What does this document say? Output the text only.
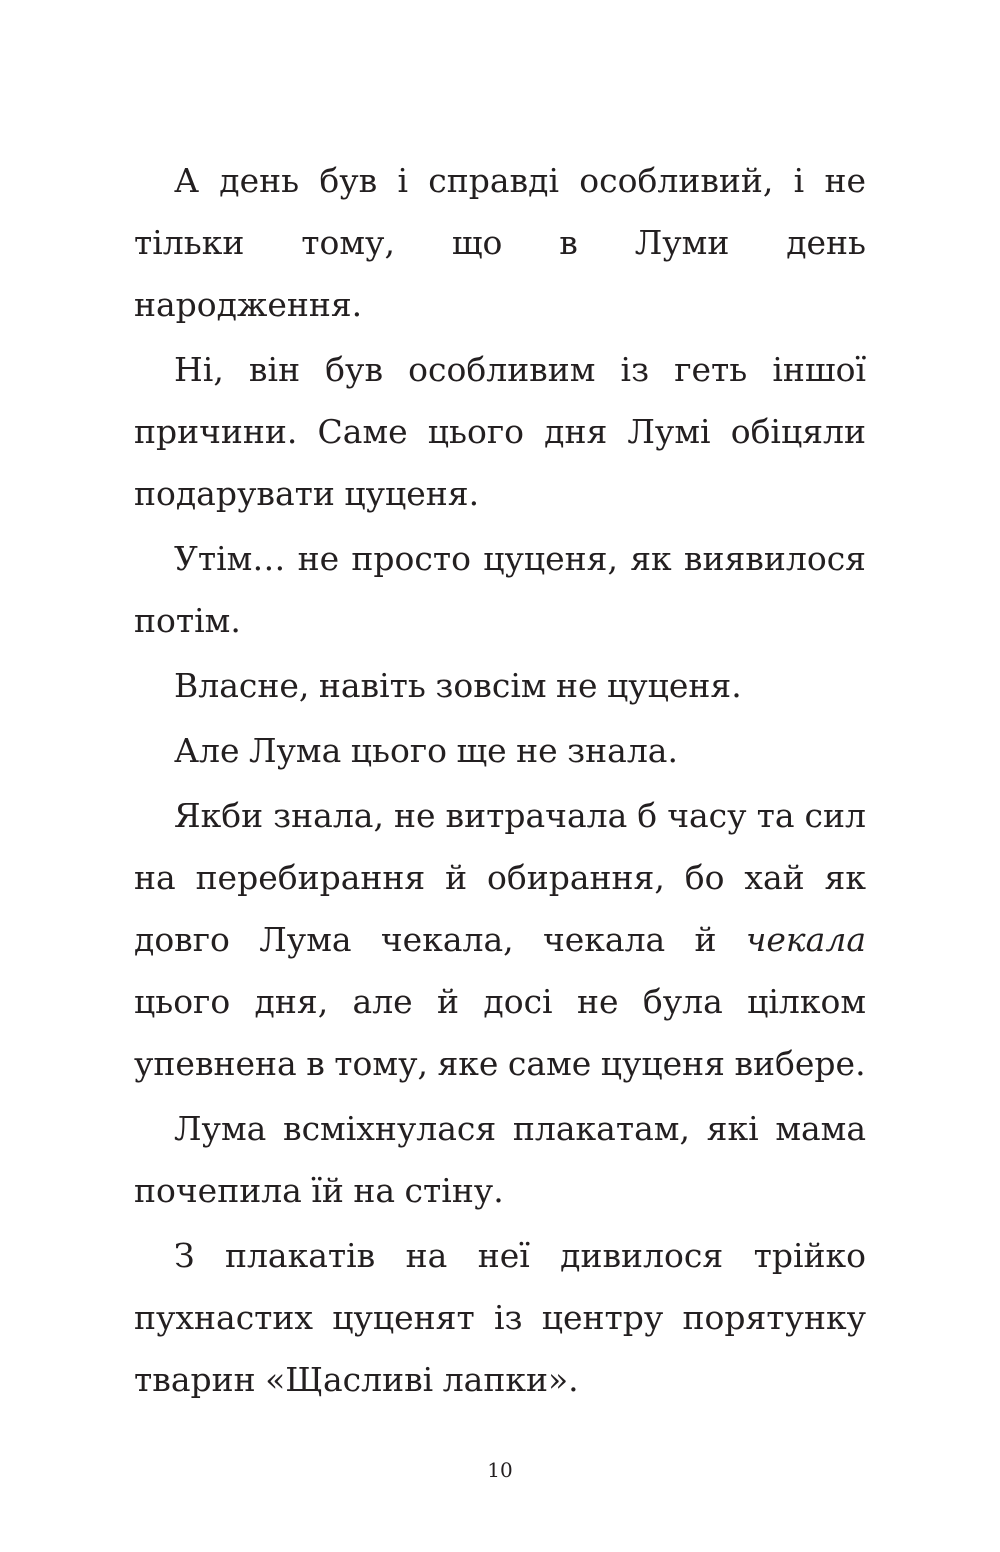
А день був і справді особливий, і не тільки тому, що в Луми день народження.

Ні, він був особливим із геть іншої причини. Саме цього дня Лумі обіцяли подарувати цуценя.

Утім… не просто цуценя, як виявилося потім.

Власне, навіть зовсім не цуценя.

Але Лума цього ще не знала.

Якби знала, не витрачала б часу та сил на перебирання й обирання, бо хай як довго Лума чекала, чекала й чекала цього дня, але й досі не була цілком упевнена в тому, яке саме цуценя вибере.

Лума всміхнулася плакатам, які мама почепила їй на стіну.

З плакатів на неї дивилося трійко пухнастих цуценят із центру порятунку тварин «Щасливі лапки».

10
